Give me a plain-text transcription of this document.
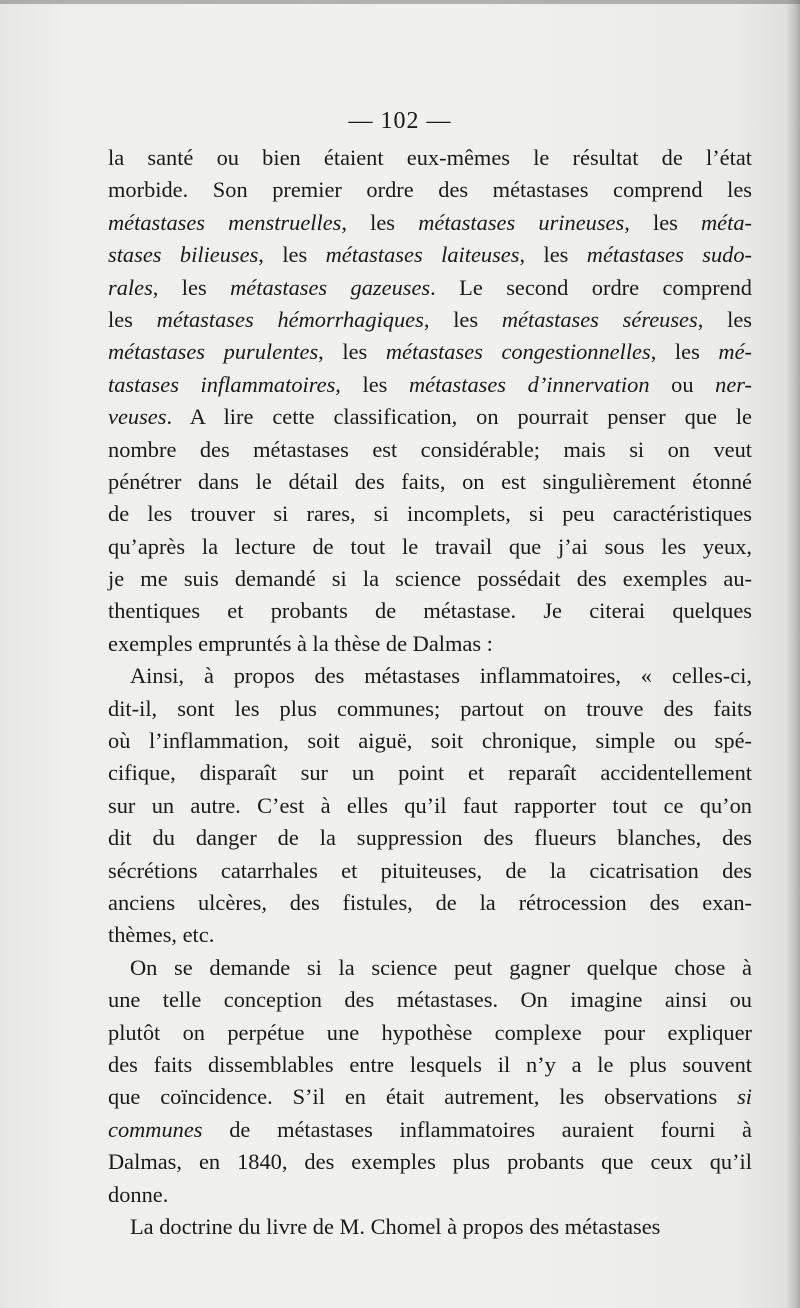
— 102 —
la santé ou bien étaient eux-mêmes le résultat de l’état
morbide. Son premier ordre des métastases comprend les
métastases menstruelles, les métastases urineuses, les méta-
stases bilieuses, les métastases laiteuses, les métastases sudo-
rales, les métastases gazeuses. Le second ordre comprend
les métastases hémorrhagiques, les métastases séreuses, les
métastases purulentes, les métastases congestionnelles, les mé-
tastases inflammatoires, les métastases d’innervation ou ner-
veuses. A lire cette classification, on pourrait penser que le
nombre des métastases est considérable; mais si on veut
pénétrer dans le détail des faits, on est singulièrement étonné
de les trouver si rares, si incomplets, si peu caractéristiques
qu’après la lecture de tout le travail que j’ai sous les yeux,
je me suis demandé si la science possédait des exemples au-
thentiques et probants de métastase. Je citerai quelques
exemples empruntés à la thèse de Dalmas :
Ainsi, à propos des métastases inflammatoires, « celles-ci,
dit-il, sont les plus communes; partout on trouve des faits
où l’inflammation, soit aiguë, soit chronique, simple ou spé-
cifique, disparaît sur un point et reparaît accidentellement
sur un autre. C’est à elles qu’il faut rapporter tout ce qu’on
dit du danger de la suppression des flueurs blanches, des
sécrétions catarrhales et pituiteuses, de la cicatrisation des
anciens ulcères, des fistules, de la rétrocession des exan-
thèmes, etc.
On se demande si la science peut gagner quelque chose à
une telle conception des métastases. On imagine ainsi ou
plutôt on perpétue une hypothèse complexe pour expliquer
des faits dissemblables entre lesquels il n’y a le plus souvent
que coïncidence. S’il en était autrement, les observations si
communes de métastases inflammatoires auraient fourni à
Dalmas, en 1840, des exemples plus probants que ceux qu’il
donne.
La doctrine du livre de M. Chomel à propos des métastases
